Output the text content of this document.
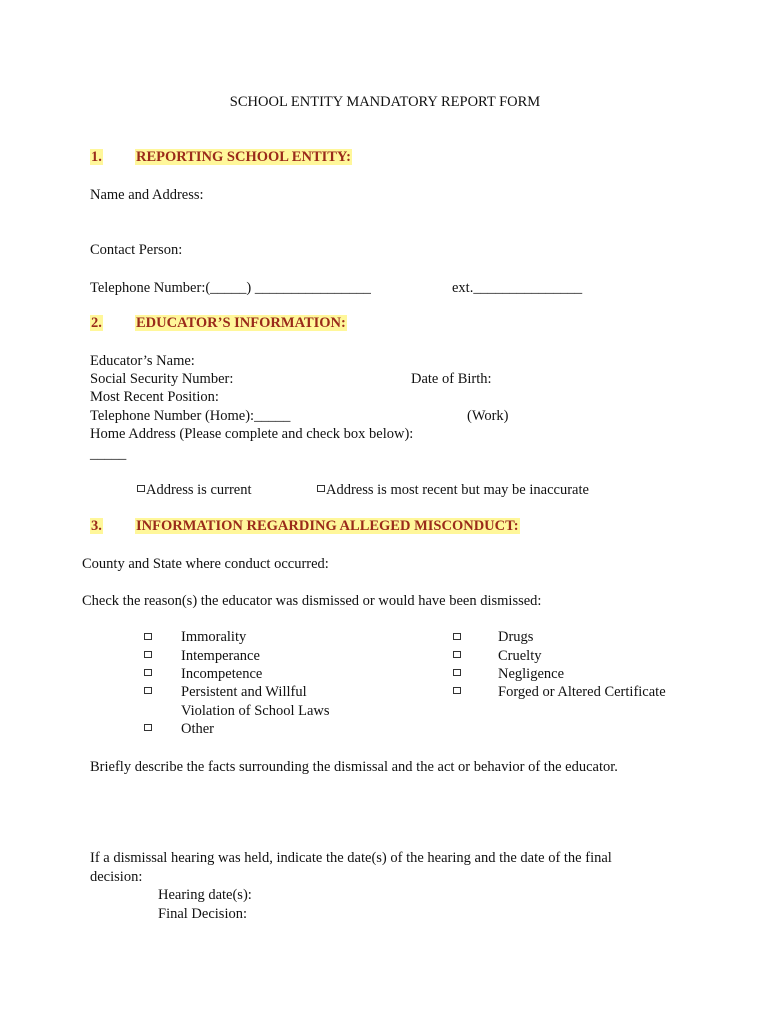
SCHOOL ENTITY MANDATORY REPORT FORM
1. REPORTING SCHOOL ENTITY:
Name and Address:
Contact Person:
Telephone Number:(_____) ________________	ext._______________
2. EDUCATOR’S INFORMATION:
Educator’s Name:
Social Security Number:	Date of Birth:
Most Recent Position:
Telephone Number (Home):_____	(Work)
Home Address (Please complete and check box below):
_____
Address is current	Address is most recent but may be inaccurate
3. INFORMATION REGARDING ALLEGED MISCONDUCT:
County and State where conduct occurred:
Check the reason(s) the educator was dismissed or would have been dismissed:
Immorality
Intemperance
Incompetence
Persistent and Willful
Violation of School Laws
Other
Drugs
Cruelty
Negligence
Forged or Altered Certificate
Briefly describe the facts surrounding the dismissal and the act or behavior of the educator.
If a dismissal hearing was held, indicate the date(s) of the hearing and the date of the final
decision:
Hearing date(s):
Final Decision:
